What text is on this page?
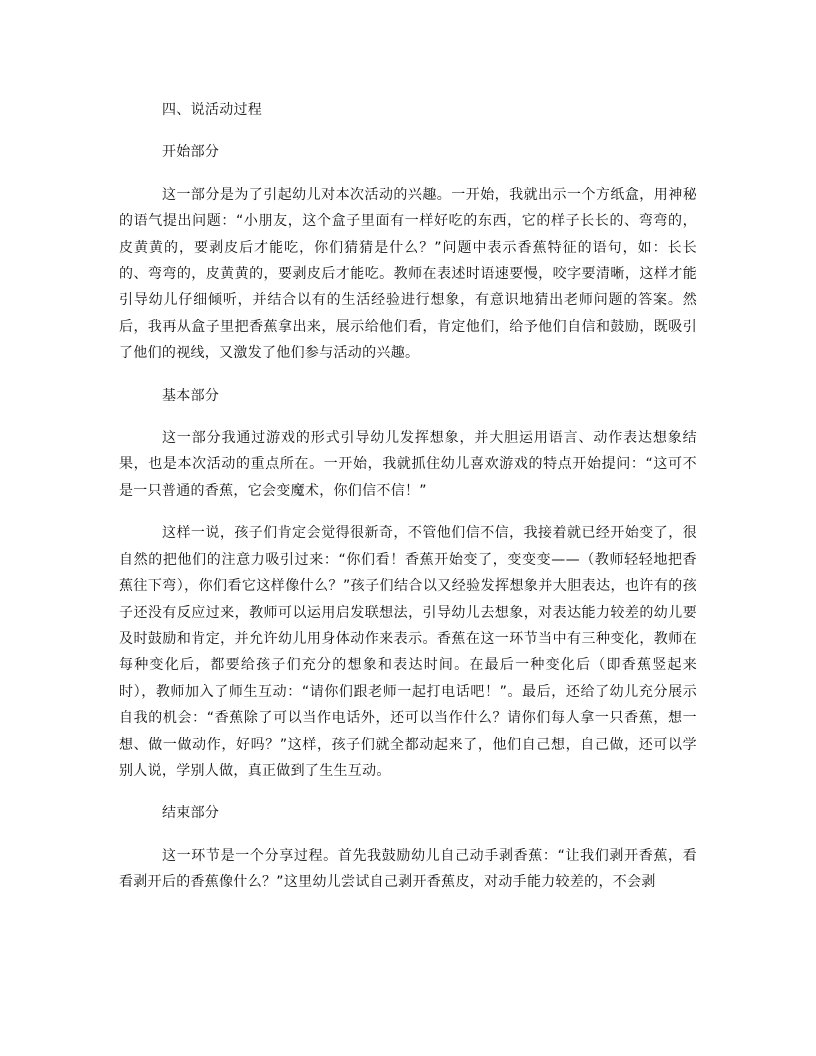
四、说活动过程

开始部分

这一部分是为了引起幼儿对本次活动的兴趣。一开始，我就出示一个方纸盒，用神秘的语气提出问题：“小朋友，这个盒子里面有一样好吃的东西，它的样子长长的、弯弯的，皮黄黄的，要剥皮后才能吃，你们猜猜是什么？”问题中表示香蕉特征的语句，如：长长的、弯弯的，皮黄黄的，要剥皮后才能吃。教师在表述时语速要慢，咬字要清晰，这样才能引导幼儿仔细倾听，并结合以有的生活经验进行想象，有意识地猜出老师问题的答案。然后，我再从盒子里把香蕉拿出来，展示给他们看，肯定他们，给予他们自信和鼓励，既吸引了他们的视线，又激发了他们参与活动的兴趣。

基本部分

这一部分我通过游戏的形式引导幼儿发挥想象，并大胆运用语言、动作表达想象结果，也是本次活动的重点所在。一开始，我就抓住幼儿喜欢游戏的特点开始提问：“这可不是一只普通的香蕉，它会变魔术，你们信不信！”

这样一说，孩子们肯定会觉得很新奇，不管他们信不信，我接着就已经开始变了，很自然的把他们的注意力吸引过来：“你们看！香蕉开始变了，变变变——（教师轻轻地把香蕉往下弯），你们看它这样像什么？”孩子们结合以又经验发挥想象并大胆表达，也许有的孩子还没有反应过来，教师可以运用启发联想法，引导幼儿去想象，对表达能力较差的幼儿要及时鼓励和肯定，并允许幼儿用身体动作来表示。香蕉在这一环节当中有三种变化，教师在每种变化后，都要给孩子们充分的想象和表达时间。在最后一种变化后（即香蕉竖起来时），教师加入了师生互动：“请你们跟老师一起打电话吧！”。最后，还给了幼儿充分展示自我的机会：“香蕉除了可以当作电话外，还可以当作什么？请你们每人拿一只香蕉，想一想、做一做动作，好吗？”这样，孩子们就全都动起来了，他们自己想，自己做，还可以学别人说，学别人做，真正做到了生生互动。

结束部分

这一环节是一个分享过程。首先我鼓励幼儿自己动手剥香蕉：“让我们剥开香蕉，看看剥开后的香蕉像什么？”这里幼儿尝试自己剥开香蕉皮，对动手能力较差的，不会剥
